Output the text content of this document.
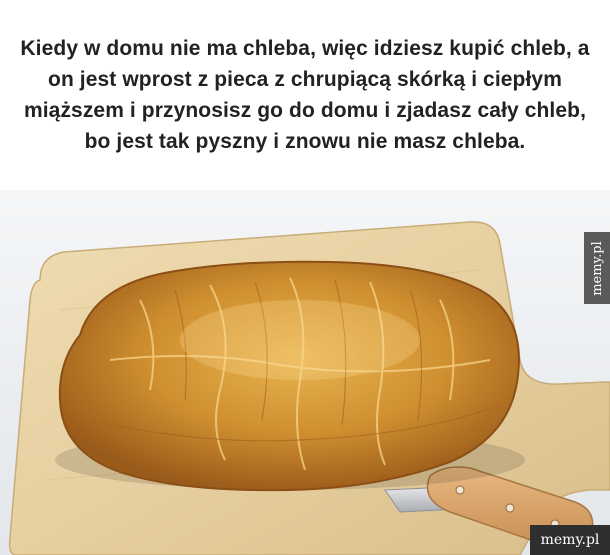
Kiedy w domu nie ma chleba, więc idziesz kupić chleb, a on jest wprost z pieca z chrupiącą skórką i ciepłym miąższem i przynosisz go do domu i zjadasz cały chleb, bo jest tak pyszny i znowu nie masz chleba.

memy.pl
memy.pl
